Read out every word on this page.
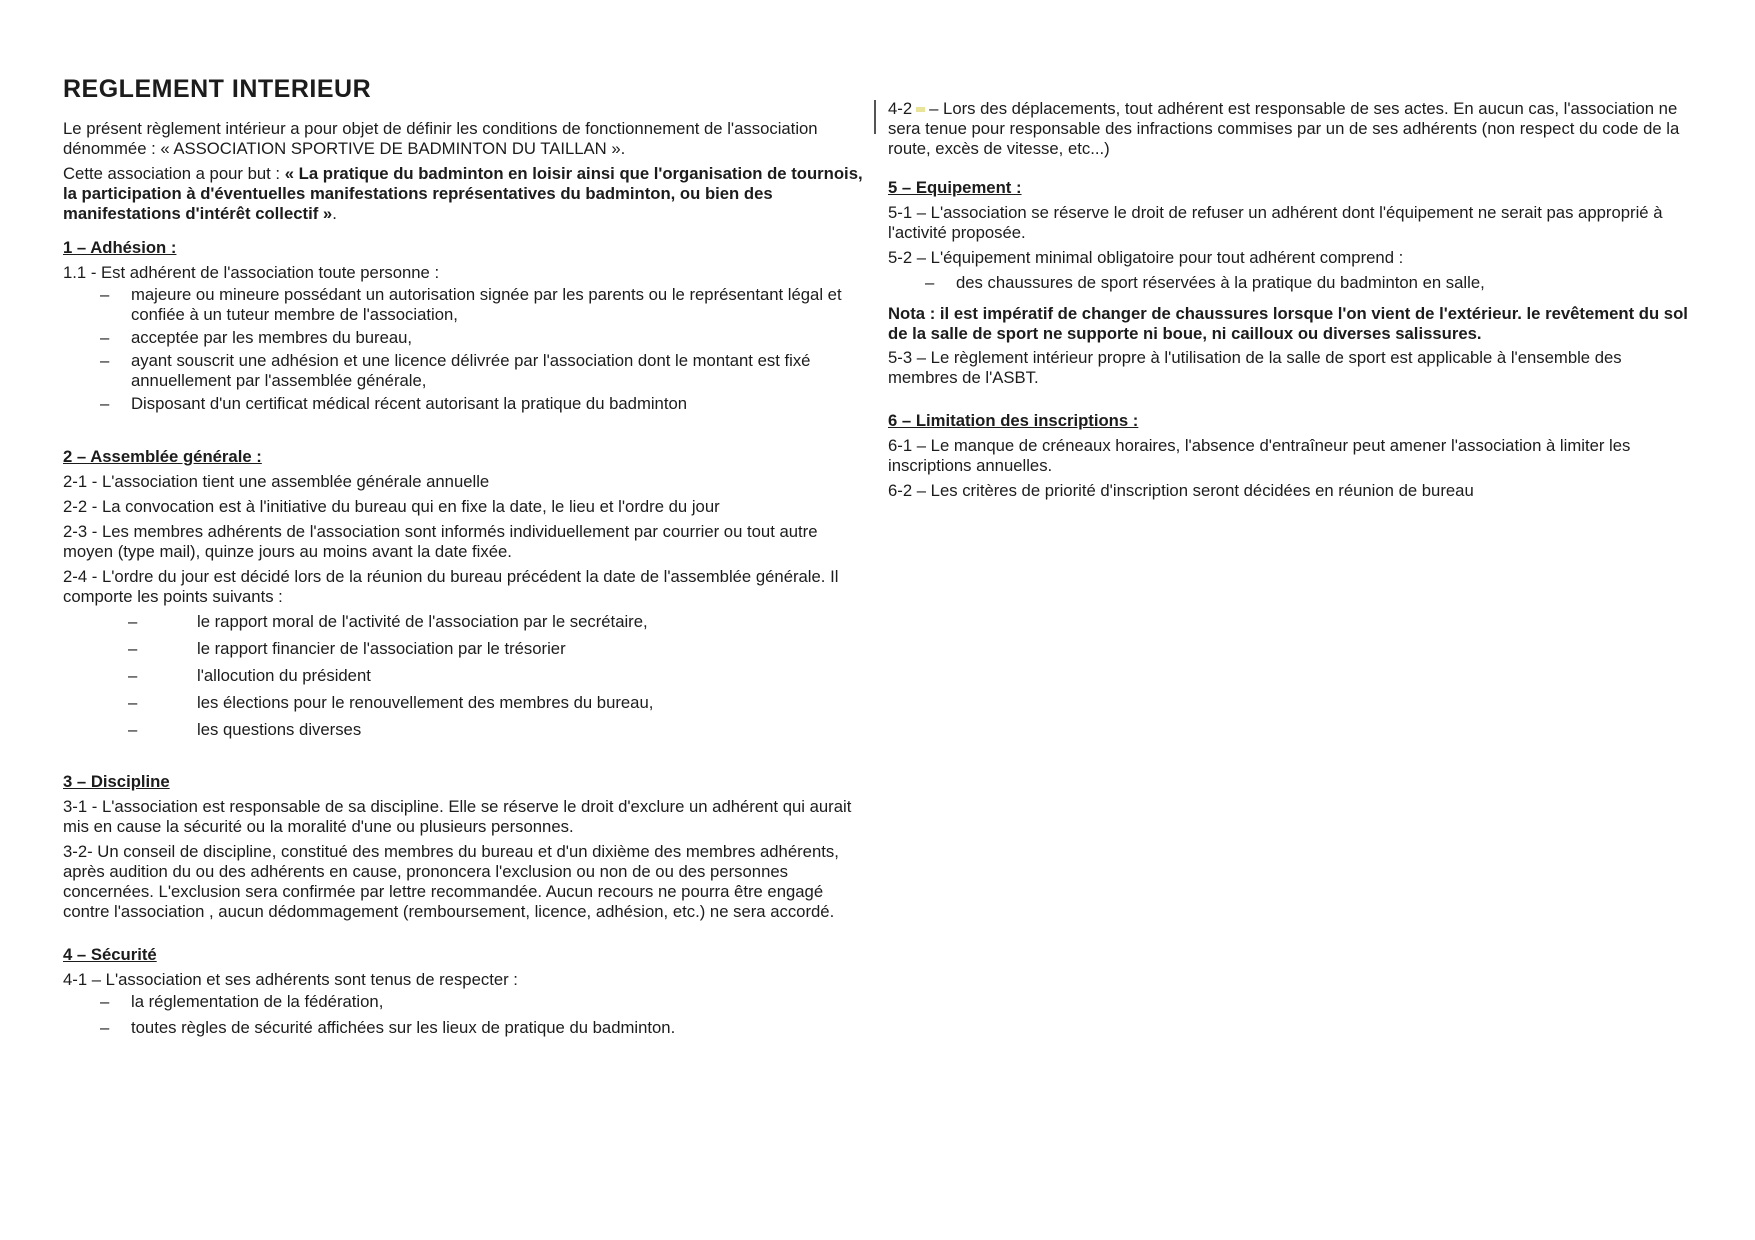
REGLEMENT INTERIEUR

Le présent règlement intérieur a pour objet de définir les conditions de fonctionnement de l'association dénommée : « ASSOCIATION SPORTIVE DE BADMINTON DU TAILLAN ».

Cette association a pour but : « La pratique du badminton en loisir ainsi que l'organisation de tournois, la participation à d'éventuelles manifestations représentatives du badminton, ou bien des manifestations d'intérêt collectif ».

1 – Adhésion :

1.1 - Est adhérent de l'association toute personne :

–	majeure ou mineure possédant un autorisation signée par les parents ou le représentant légal et confiée à un tuteur membre de l'association,
–	acceptée par les membres du bureau,
–	ayant souscrit une adhésion et une licence délivrée par l'association dont le montant est fixé annuellement par l'assemblée générale,
–	Disposant d'un certificat médical récent autorisant la pratique du badminton
2 – Assemblée générale :

2-1 - L'association tient une assemblée générale annuelle

2-2 - La convocation est à l'initiative du bureau qui en fixe la date, le lieu et l'ordre du jour

2-3 - Les membres adhérents de l'association sont informés individuellement par courrier ou tout autre moyen (type mail), quinze jours au moins avant la date fixée.

2-4 - L'ordre du jour est décidé lors de la réunion du bureau précédent la date de l'assemblée générale. Il comporte les points suivants :

–	le rapport moral de l'activité de l'association par le secrétaire,
–	le rapport financier de l'association par le trésorier
–	l'allocution du président
–	les élections pour le renouvellement des membres du bureau,
–	les questions diverses
3 – Discipline

3-1 - L'association est responsable de sa discipline. Elle se réserve le droit d'exclure un adhérent qui aurait mis en cause la sécurité ou la moralité d'une ou plusieurs personnes.

3-2- Un conseil de discipline, constitué des membres du bureau et d'un dixième des membres adhérents, après audition du ou des adhérents en cause, prononcera l'exclusion ou non de ou des personnes concernées. L'exclusion sera confirmée par lettre recommandée. Aucun recours ne pourra être engagé contre l'association , aucun dédommagement (remboursement, licence, adhésion, etc.) ne sera accordé.

4 – Sécurité

4-1 – L'association et ses adhérents sont tenus de respecter :

–	la réglementation de la fédération,
–	toutes règles de sécurité affichées sur les lieux de pratique du badminton.

4-2 – Lors des déplacements, tout adhérent est responsable de ses actes. En aucun cas, l'association ne sera tenue pour responsable des infractions commises par un de ses adhérents (non respect du code de la route, excès de vitesse, etc...)

5 – Equipement :

5-1 – L'association se réserve le droit de refuser un adhérent dont l'équipement ne serait pas approprié à l'activité proposée.

5-2 – L'équipement minimal obligatoire pour tout adhérent comprend :

–	des chaussures de sport réservées à la pratique du badminton en salle,

Nota : il est impératif de changer de chaussures lorsque l'on vient de l'extérieur. le revêtement du sol de la salle de sport ne supporte ni boue, ni cailloux ou diverses salissures.

5-3 – Le règlement intérieur propre à l'utilisation de la salle de sport est applicable à l'ensemble des membres de l'ASBT.

6 – Limitation des inscriptions :

6-1 – Le manque de créneaux horaires, l'absence d'entraîneur peut amener l'association à limiter les inscriptions annuelles.

6-2 – Les critères de priorité d'inscription seront décidées en réunion de bureau
